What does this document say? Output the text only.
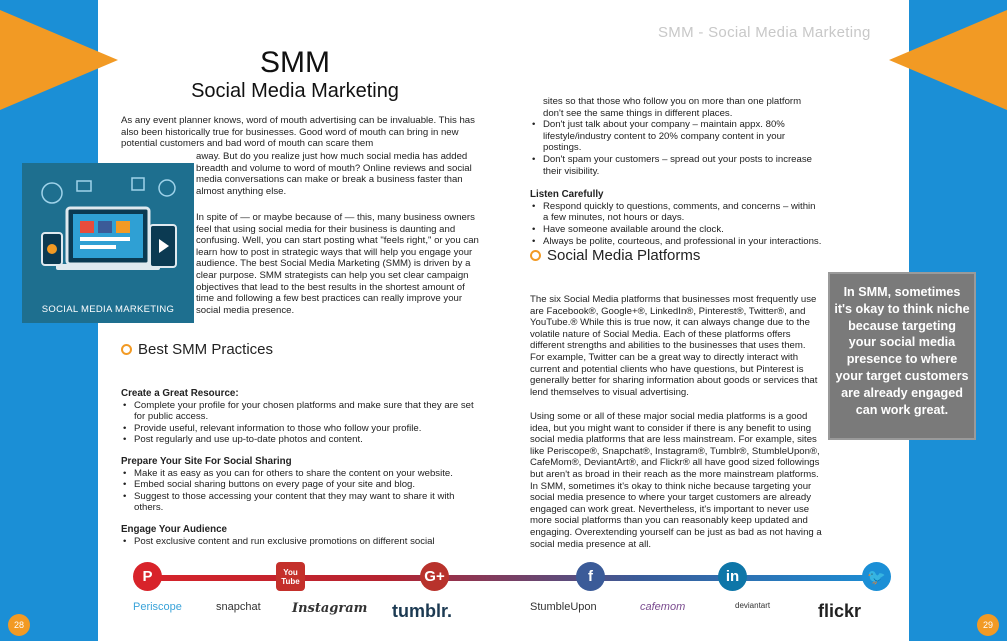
28	29
SMM - Social Media Marketing
SMM
Social Media Marketing
As any event planner knows, word of mouth advertising can be invaluable. This has also been historically true for businesses. Good word of mouth can bring in new potential customers and bad word of mouth can scare them
away. But do you realize just how much social media has added breadth and volume to word of mouth? Online reviews and social media conversations can make or break a business faster than almost anything else.
In spite of — or maybe because of — this, many business owners feel that using social media for their business is daunting and confusing. Well, you can start posting what "feels right," or you can learn how to post in strategic ways that will help you engage your audience. The best Social Media Marketing (SMM) is driven by a clear purpose. SMM strategists can help you set clear campaign objectives that lead to the best results in the shortest amount of time and following a few best practices can really improve your social media presence.
SOCIAL MEDIA MARKETING
Best SMM Practices
Create a Great Resource:
• Complete your profile for your chosen platforms and make sure that they are set for public access.
• Provide useful, relevant information to those who follow your profile.
• Post regularly and use up-to-date photos and content.
Prepare Your Site For Social Sharing
• Make it as easy as you can for others to share the content on your website.
• Embed social sharing buttons on every page of your site and blog.
• Suggest to those accessing your content that they may want to share it with others.
Engage Your Audience
• Post exclusive content and run exclusive promotions on different social
sites so that those who follow you on more than one platform don't see the same things in different places.
• Don't just talk about your company – maintain appx. 80% lifestyle/industry content to 20% company content in your postings.
• Don't spam your customers – spread out your posts to increase their visibility.
Listen Carefully
• Respond quickly to questions, comments, and concerns – within a few minutes, not hours or days.
• Have someone available around the clock.
• Always be polite, courteous, and professional in your interactions.
Social Media Platforms
The six Social Media platforms that businesses most frequently use are Facebook®, Google+®, LinkedIn®, Pinterest®, Twitter®, and YouTube.® While this is true now, it can always change due to the volatile nature of Social Media. Each of these platforms offers different strengths and abilities to the businesses that uses them. For example, Twitter can be a great way to directly interact with current and potential clients who have questions, but Pinterest is generally better for sharing information about goods or services that lend themselves to visual advertising.
Using some or all of these major social media platforms is a good idea, but you might want to consider if there is any benefit to using social media platforms that are less mainstream. For example, sites like Periscope®, Snapchat®, Instagram®, Tumblr®, StumbleUpon®, CafeMom®, DeviantArt®, and Flickr® all have good sized followings but aren't as broad in their reach as the more mainstream platforms. In SMM, sometimes it's okay to think niche because targeting your social media presence to where your target customers are already engaged can work great. Nevertheless, it's important to never use more social platforms than you can reasonably keep updated and engaging. Overextending yourself can be just as bad as not having a social media presence at all.
In SMM, sometimes it's okay to think niche because targeting your social media presence to where your target customers are already engaged can work great.
P	You Tube	G+	f	in	🐦
Periscope	snapchat Instagram tumblr.	StumbleUpon	cafemom	deviantart	flickr
